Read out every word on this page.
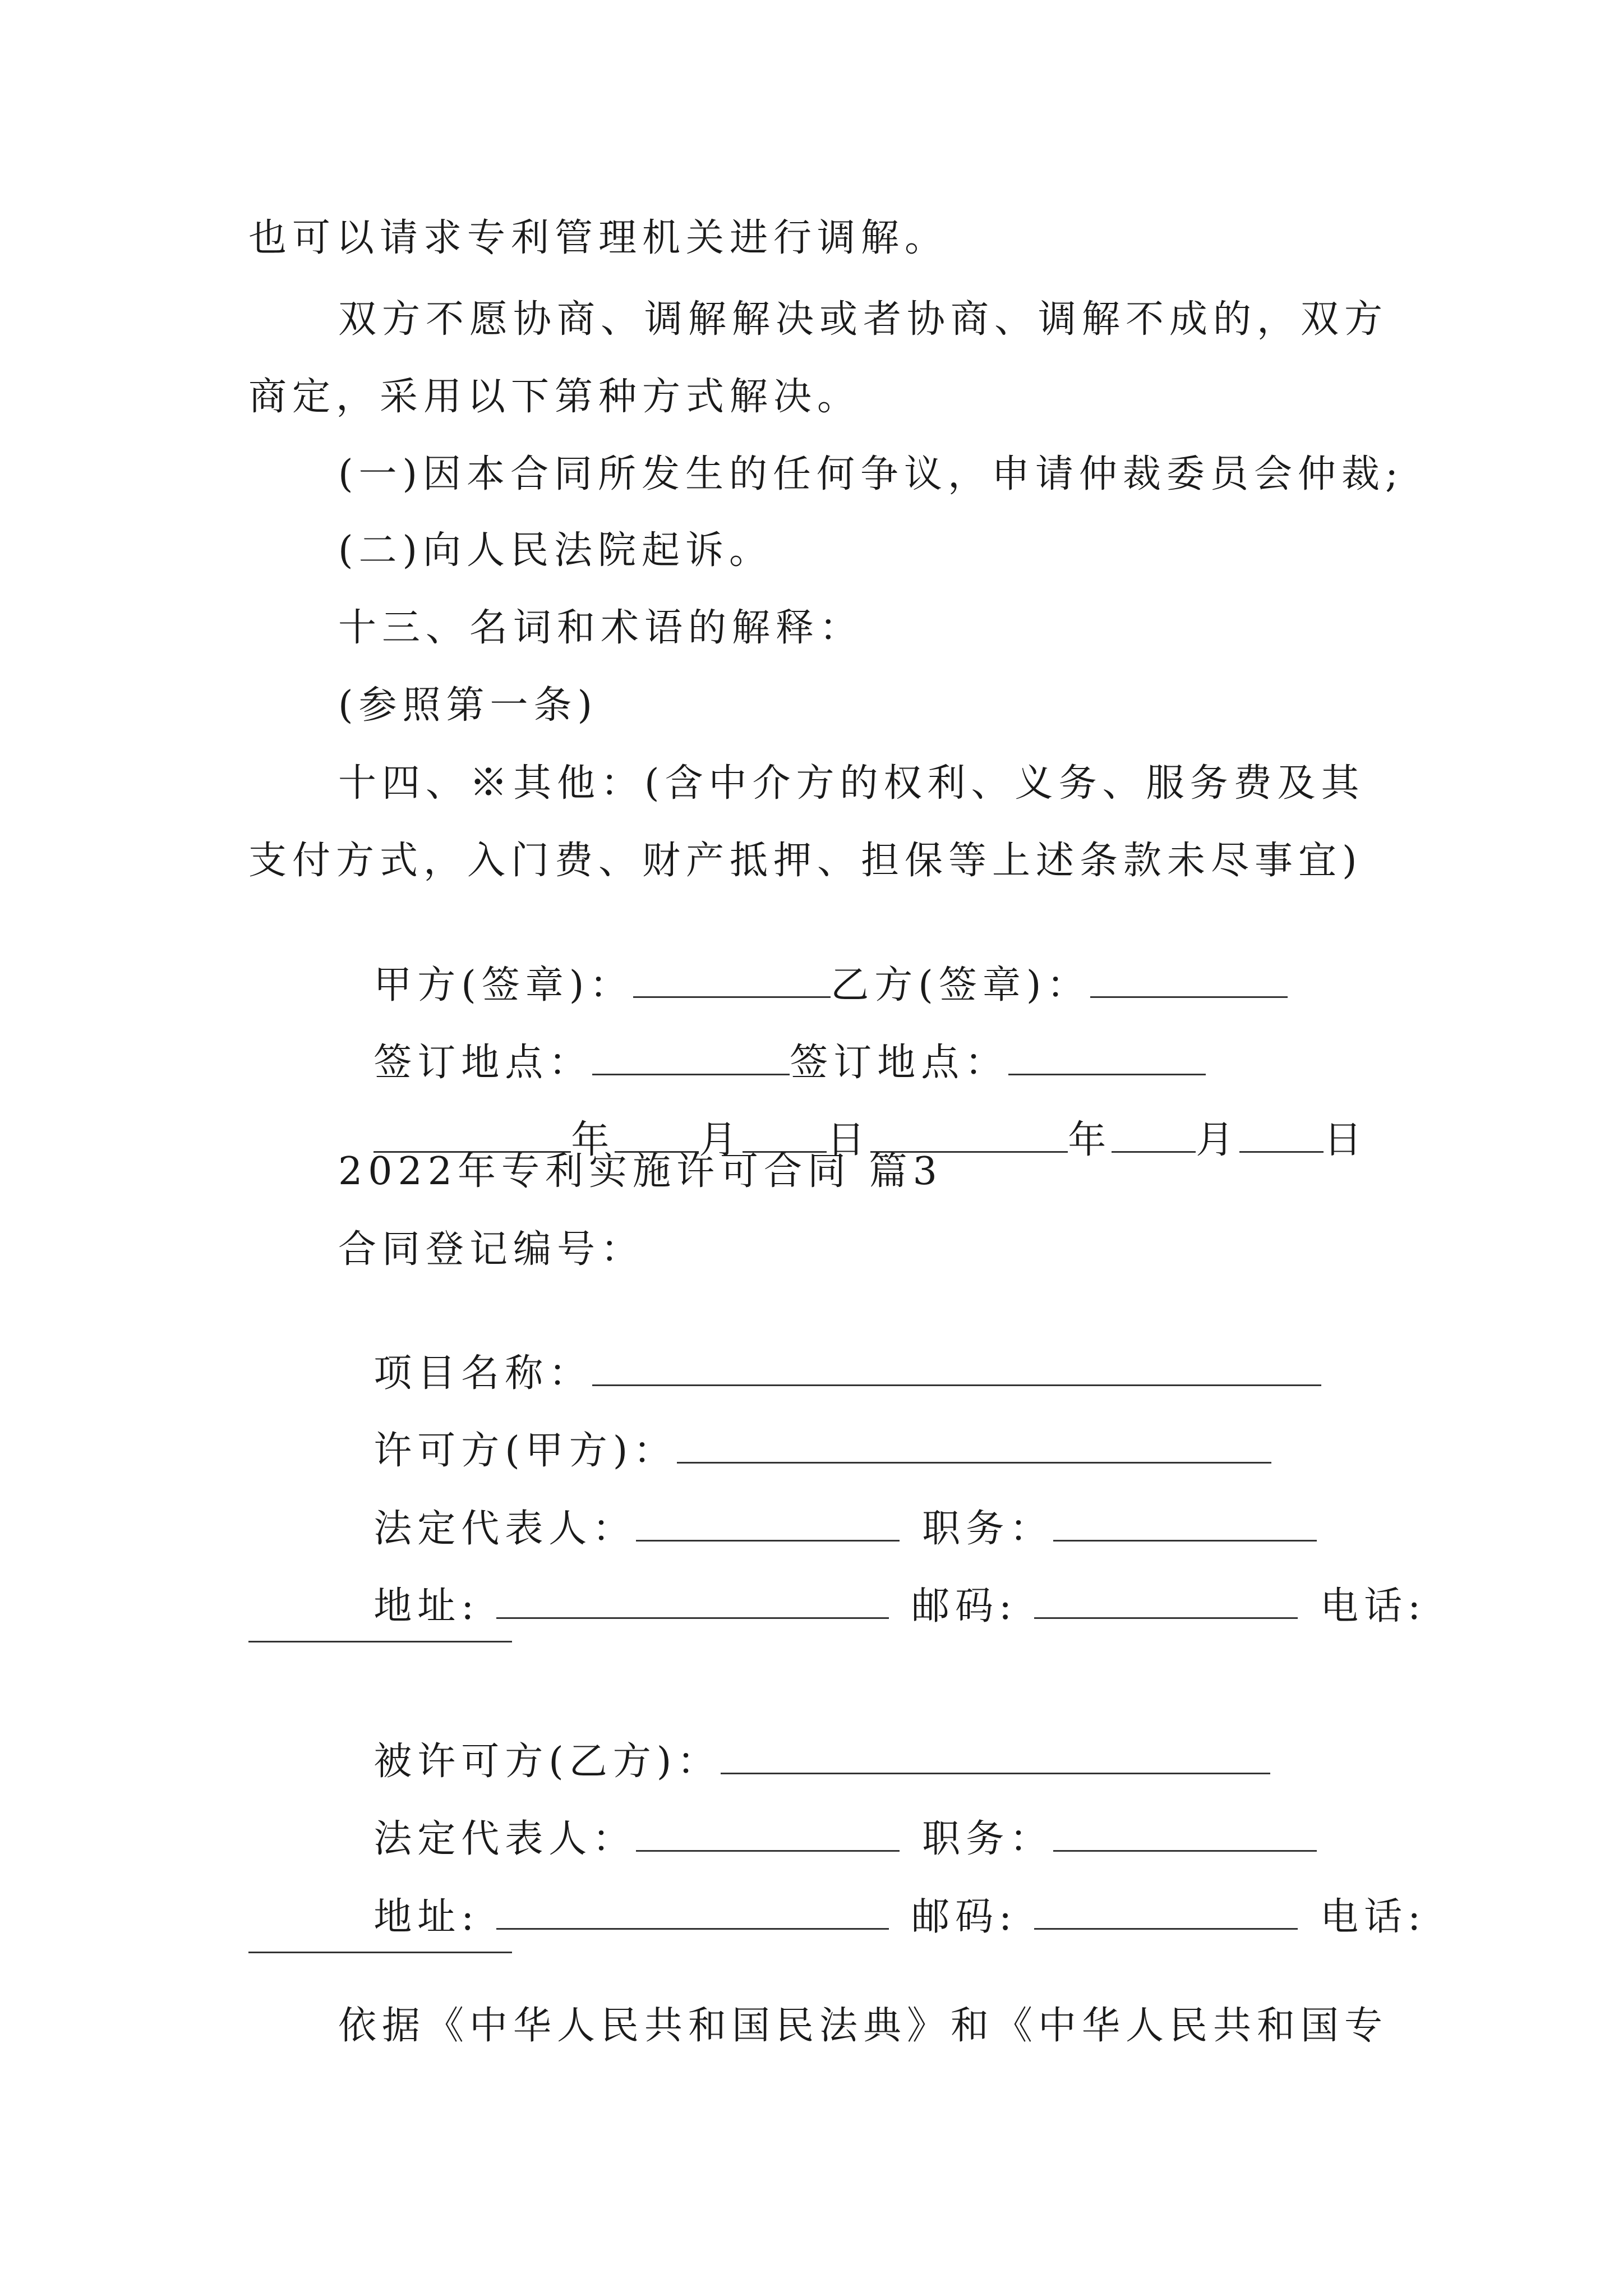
也可以请求专利管理机关进行调解。
双方不愿协商、调解解决或者协商、调解不成的，双方
商定，采用以下第种方式解决。
(一)因本合同所发生的任何争议，申请仲裁委员会仲裁;
(二)向人民法院起诉。
十三、名词和术语的解释：
(参照第一条)
十四、※其他：(含中介方的权利、义务、服务费及其
支付方式，入门费、财产抵押、担保等上述条款未尽事宜)

甲方(签章)：	乙方(签章)：

签订地点：	签订地点：

年 月 日	年 月 日

2022年专利实施许可合同 篇3
合同登记编号：

项目名称：

许可方(甲方)：

法定代表人：	职务：

地址:	邮码:	电话:

被许可方(乙方)：

法定代表人：	职务：

地址:	邮码:	电话:

依据《中华人民共和国民法典》和《中华人民共和国专
